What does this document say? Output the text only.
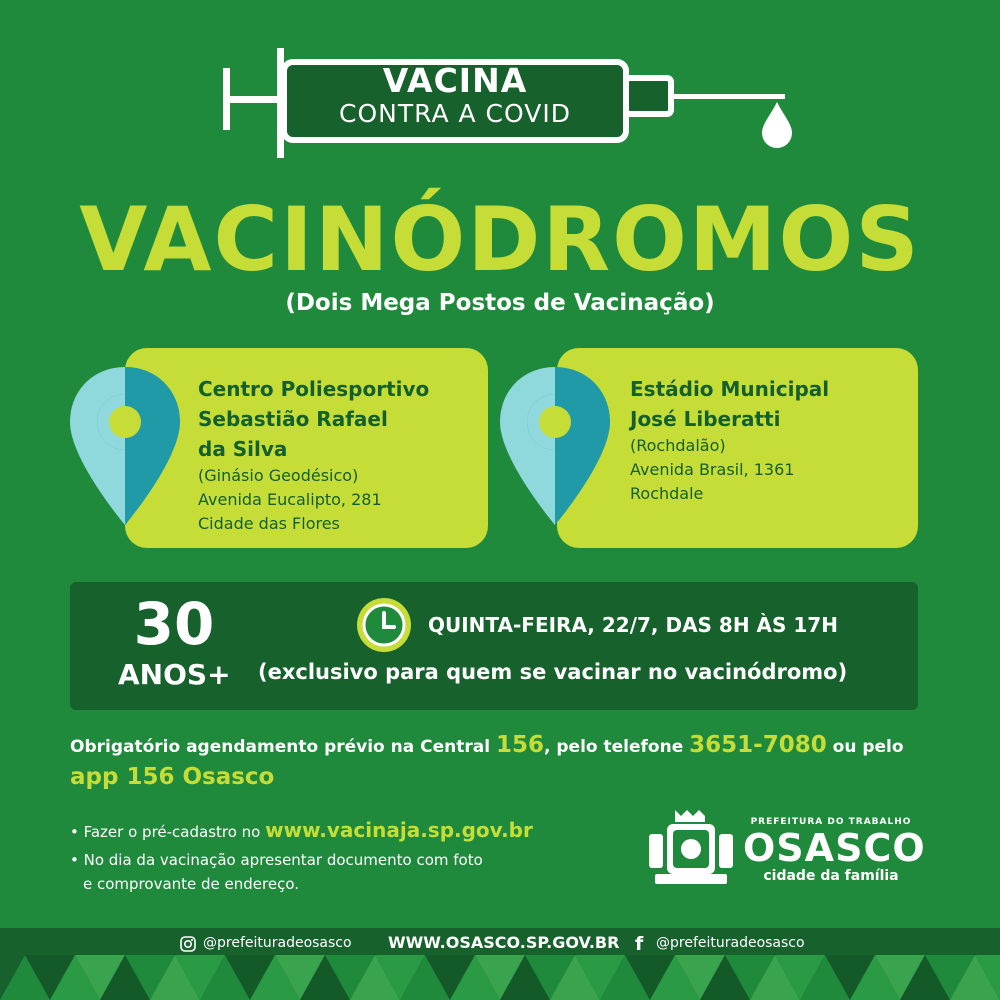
VACINA
CONTRA A COVID
VACINÓDROMOS
(Dois Mega Postos de Vacinação)
Centro Poliesportivo
Sebastião Rafael
da Silva
(Ginásio Geodésico)
Avenida Eucalipto, 281
Cidade das Flores
Estádio Municipal
José Liberatti
(Rochdalão)
Avenida Brasil, 1361
Rochdale
30
ANOS+
QUINTA-FEIRA, 22/7, DAS 8H ÀS 17H
(exclusivo para quem se vacinar no vacinódromo)
Obrigatório agendamento prévio na Central 156, pelo telefone 3651-7080 ou pelo
app 156 Osasco
• Fazer o pré-cadastro no www.vacinaja.sp.gov.br
• No dia da vacinação apresentar documento com foto
e comprovante de endereço.
PREFEITURA DO TRABALHO
OSASCO
cidade da família
@prefeituradeosasco WWW.OSASCO.SP.GOV.BR f @prefeituradeosasco
